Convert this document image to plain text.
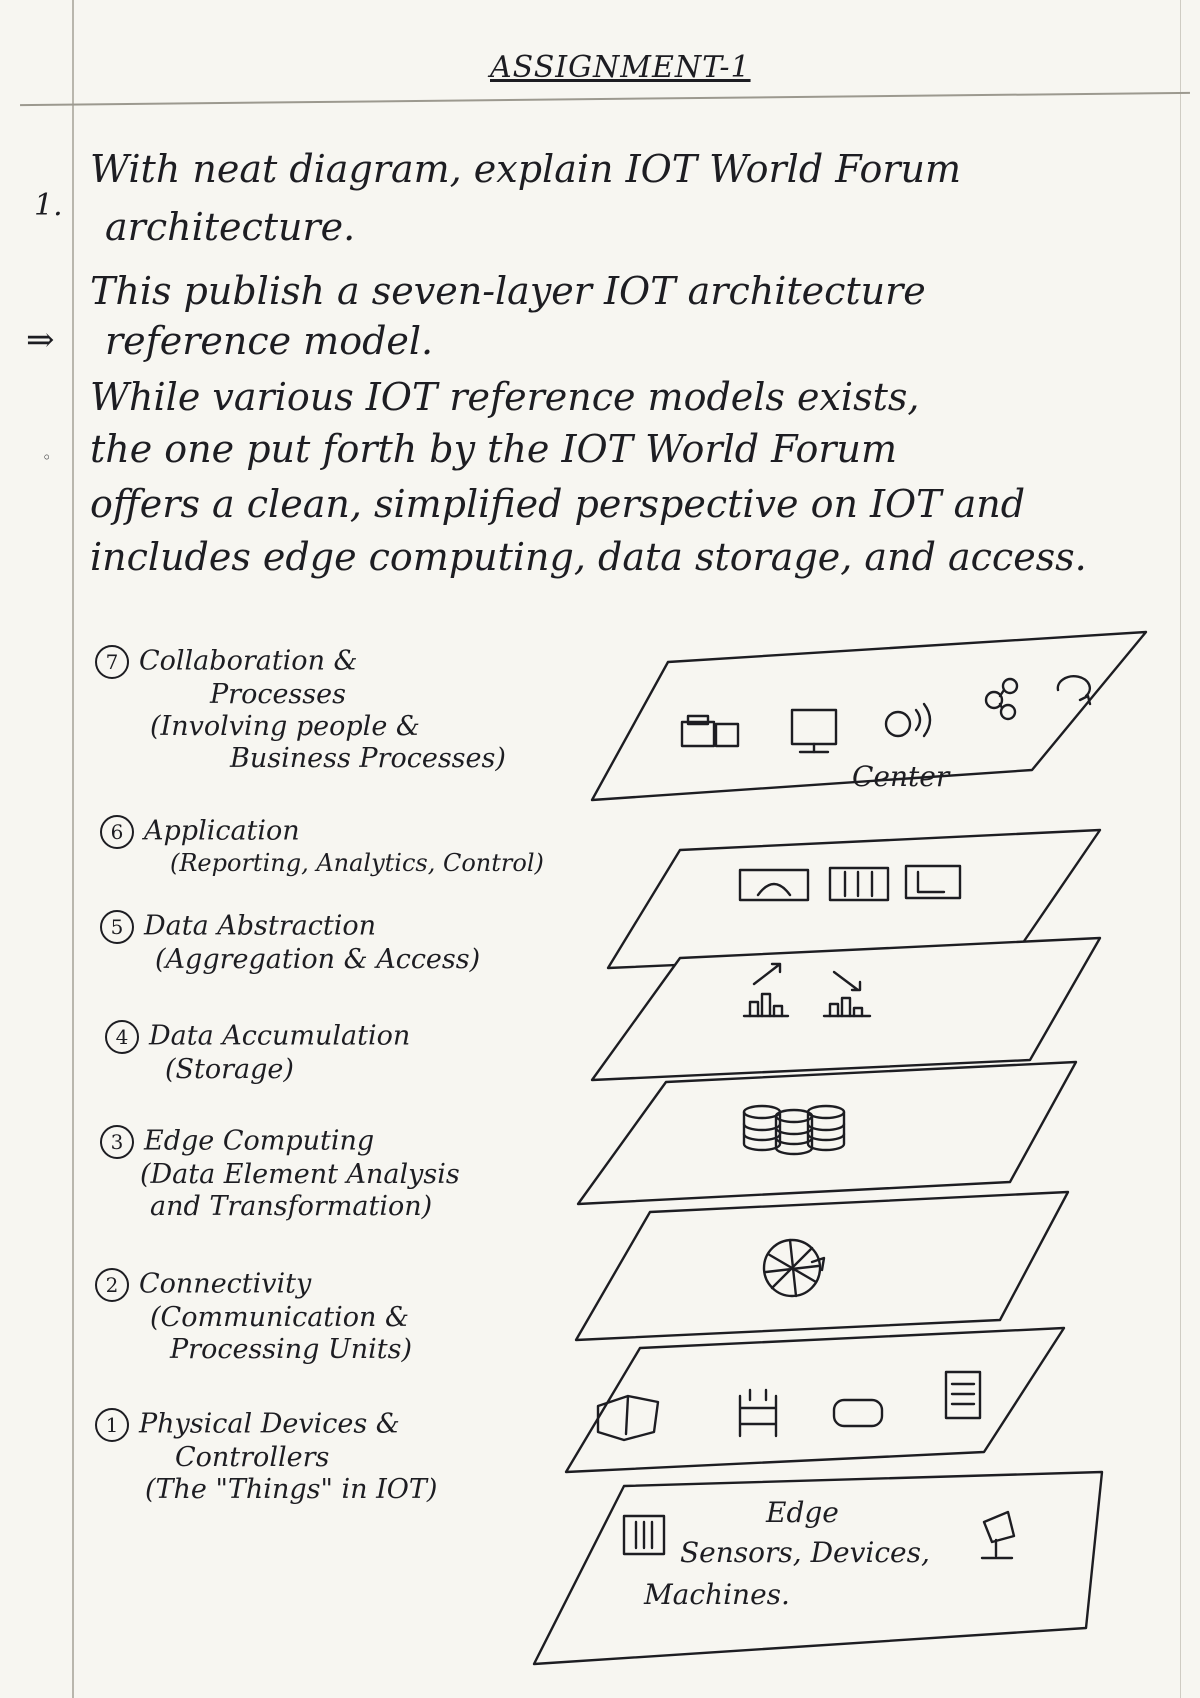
ASSIGNMENT-1
1.
With neat diagram, explain IOT World Forum
architecture.
⇒
This publish a seven-layer IOT architecture
reference model.
◦
While various IOT reference models exists,
the one put forth by the IOT World Forum
offers a clean, simplified perspective on IOT and
includes edge computing, data storage, and access.
7 Collaboration &
Processes
(Involving people &
Business Processes)
6 Application
(Reporting, Analytics, Control)
5 Data Abstraction
(Aggregation & Access)
4 Data Accumulation
(Storage)
3 Edge Computing
(Data Element Analysis
and Transformation)
2 Connectivity
(Communication &
Processing Units)
1 Physical Devices &
Controllers
(The "Things" in IOT)
Center
Edge
Sensors, Devices,
Machines.
